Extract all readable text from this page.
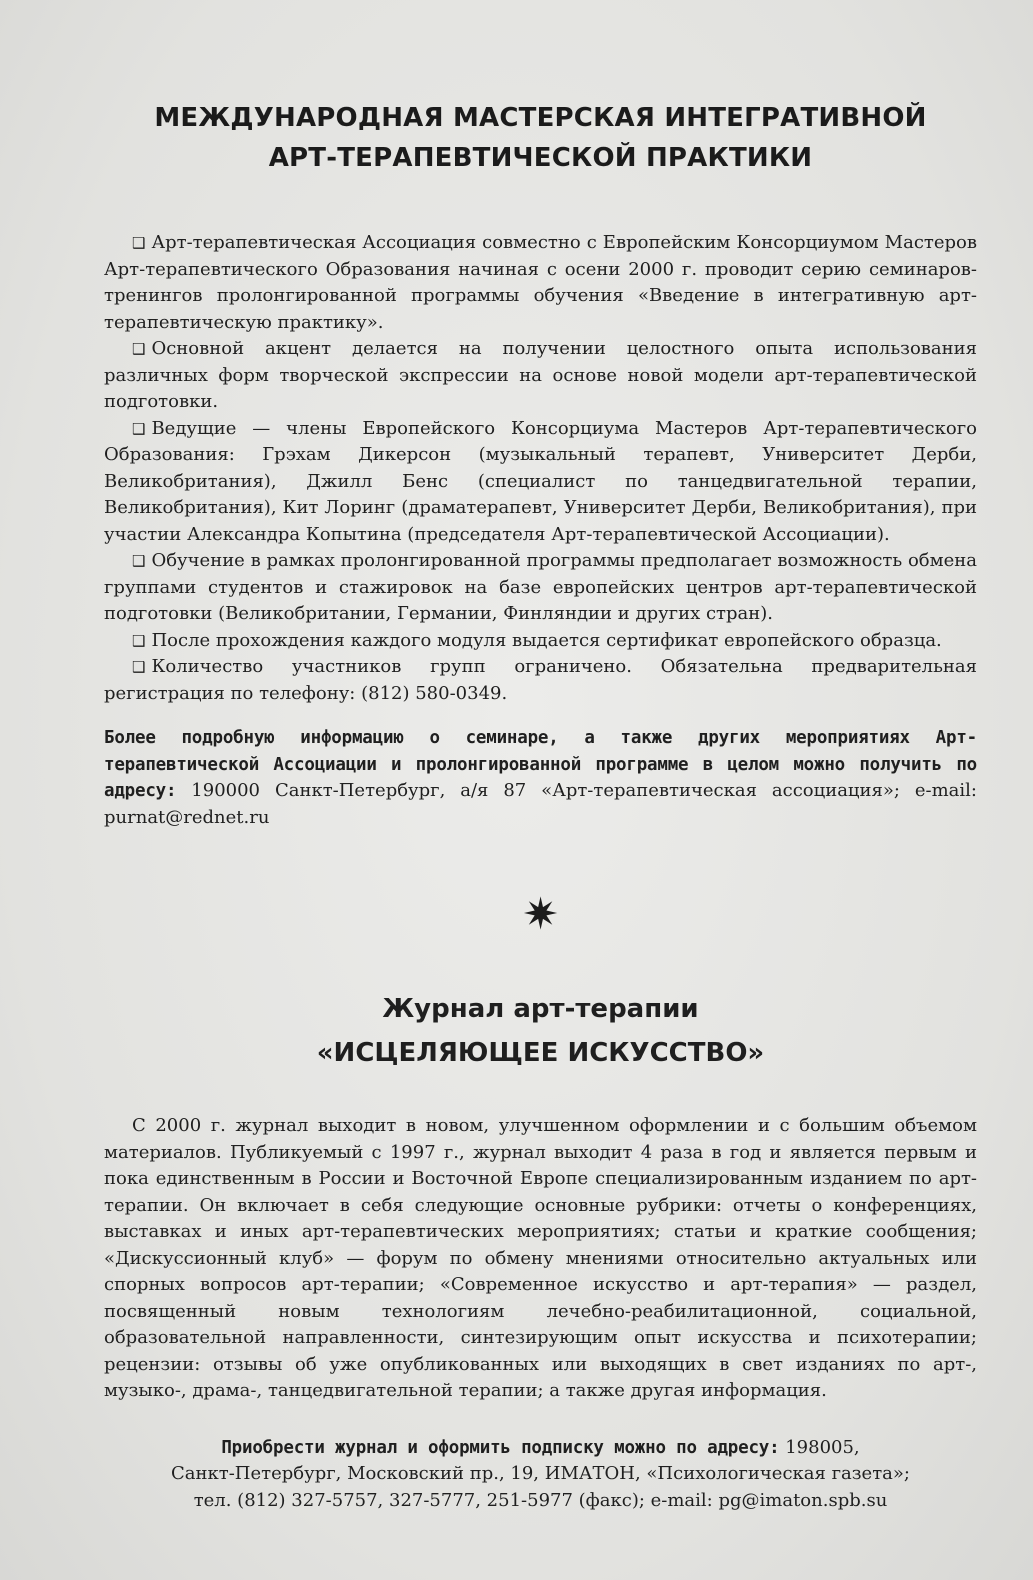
МЕЖДУНАРОДНАЯ МАСТЕРСКАЯ ИНТЕГРАТИВНОЙ
АРТ-ТЕРАПЕВТИЧЕСКОЙ ПРАКТИКИ

❑ Арт-терапевтическая Ассоциация совместно с Европейским Консорциумом Мастеров Арт-терапевтического Образования начиная с осени 2000 г. проводит серию семинаров-тренингов пролонгированной программы обучения «Введение в интегративную арт-терапевтическую практику».

❑ Основной акцент делается на получении целостного опыта использования различных форм творческой экспрессии на основе новой модели арт-терапевтической подготовки.

❑ Ведущие — члены Европейского Консорциума Мастеров Арт-терапевтического Образования: Грэхам Дикерсон (музыкальный терапевт, Университет Дерби, Великобритания), Джилл Бенс (специалист по танцедвигательной терапии, Великобритания), Кит Лоринг (драматерапевт, Университет Дерби, Великобритания), при участии Александра Копытина (председателя Арт-терапевтической Ассоциации).

❑ Обучение в рамках пролонгированной программы предполагает возможность обмена группами студентов и стажировок на базе европейских центров арт-терапевтической подготовки (Великобритании, Германии, Финляндии и других стран).

❑ После прохождения каждого модуля выдается сертификат европейского образца.

❑ Количество участников групп ограничено. Обязательна предварительная регистрация по телефону: (812) 580-0349.

Более подробную информацию о семинаре, а также других мероприятиях Арт-терапевтической Ассоциации и пролонгированной программе в целом можно получить по адресу: 190000 Санкт-Петербург, а/я 87 «Арт-терапевтическая ассоциация»; e-mail: purnat@rednet.ru
✷
Журнал арт-терапии
«ИСЦЕЛЯЮЩЕЕ ИСКУССТВО»
С 2000 г. журнал выходит в новом, улучшенном оформлении и с большим объемом материалов. Публикуемый с 1997 г., журнал выходит 4 раза в год и является первым и пока единственным в России и Восточной Европе специализированным изданием по арт-терапии. Он включает в себя следующие основные рубрики: отчеты о конференциях, выставках и иных арт-терапевтических мероприятиях; статьи и краткие сообщения; «Дискуссионный клуб» — форум по обмену мнениями относительно актуальных или спорных вопросов арт-терапии; «Современное искусство и арт-терапия» — раздел, посвященный новым технологиям лечебно-реабилитационной, социальной, образовательной направленности, синтезирующим опыт искусства и психотерапии; рецензии: отзывы об уже опубликованных или выходящих в свет изданиях по арт-, музыко-, драма-, танцедвигательной терапии; а также другая информация.
Приобрести журнал и оформить подписку можно по адресу: 198005,
Санкт-Петербург, Московский пр., 19, ИМАТОН, «Психологическая газета»;
тел. (812) 327-5757, 327-5777, 251-5977 (факс); e-mail: pg@imaton.spb.su
